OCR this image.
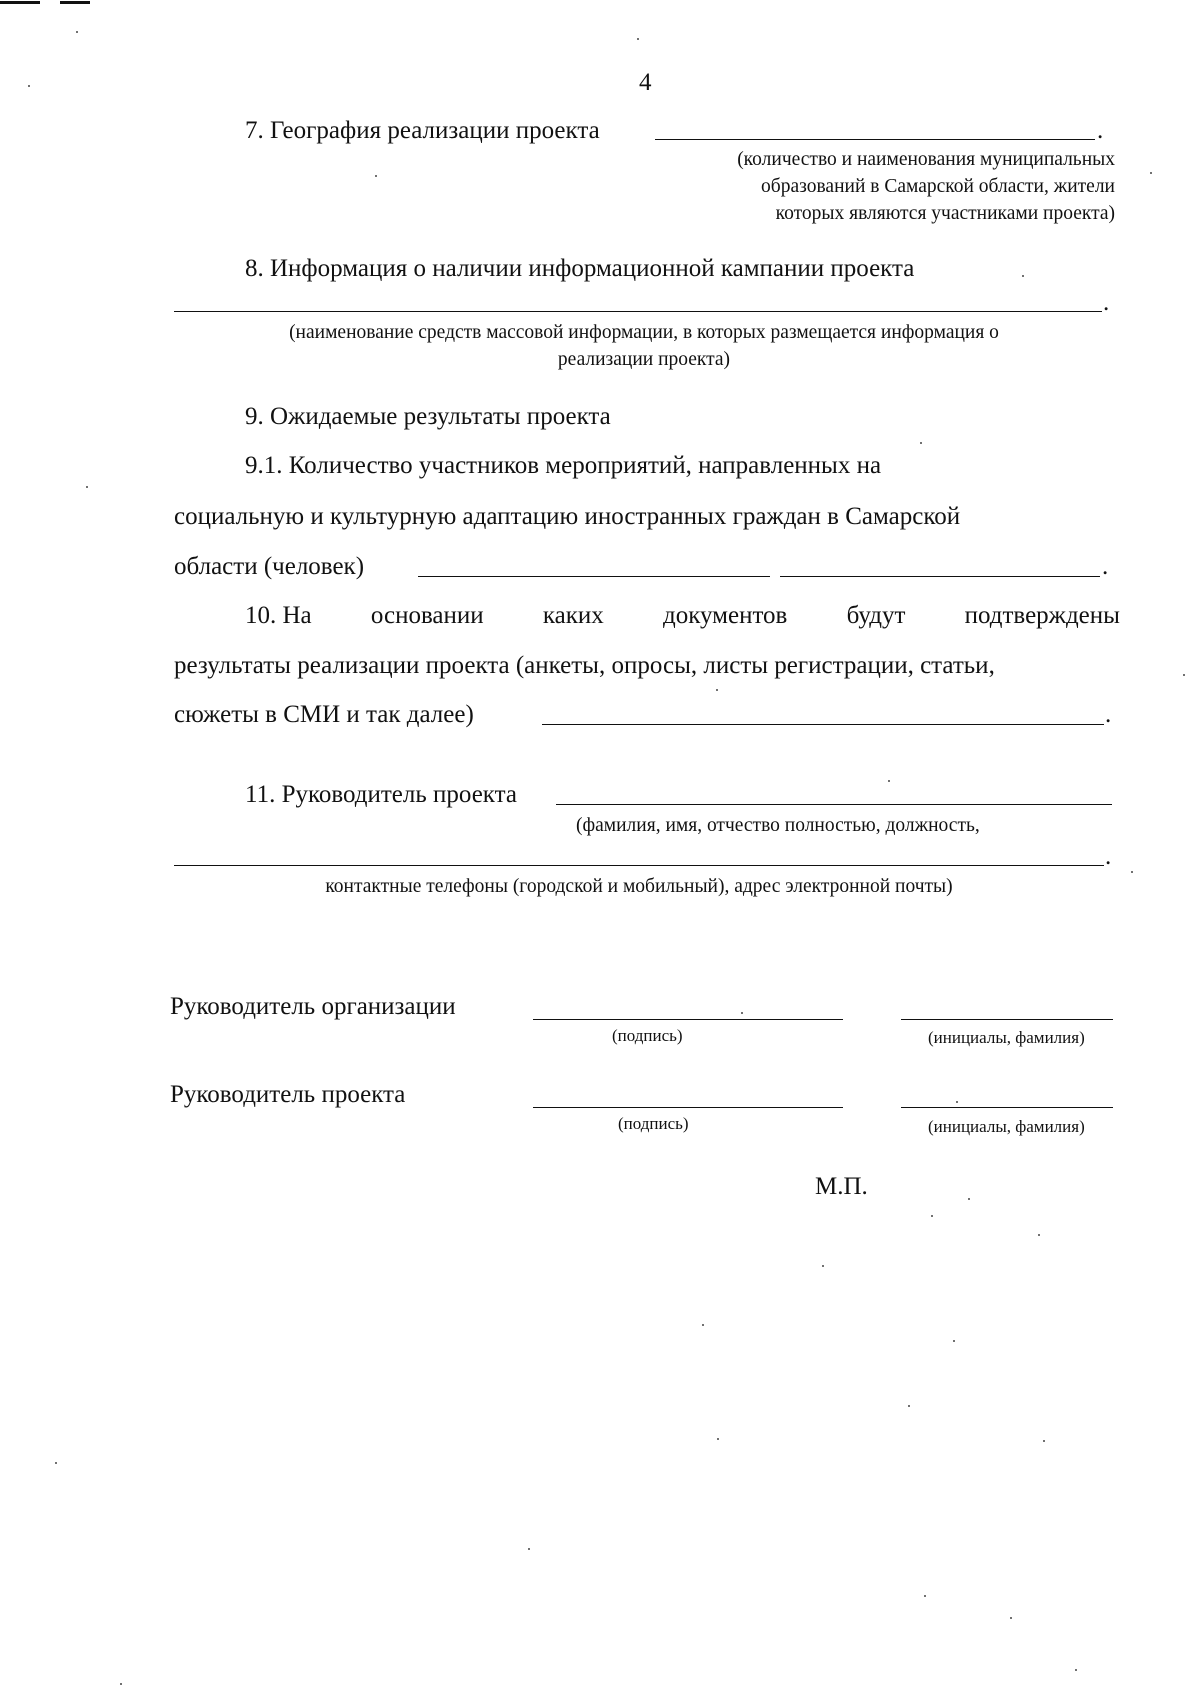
4
7. География реализации проекта	.
(количество и наименования муниципальных
образований в Самарской области, жители
которых являются участниками проекта)
8. Информация о наличии информационной кампании проекта
.
(наименование средств массовой информации, в которых размещается информация о
реализации проекта)
9. Ожидаемые результаты проекта
9.1. Количество участников мероприятий, направленных на
социальную и культурную адаптацию иностранных граждан в Самарской
области (человек)	.
10. На основании каких документов будут подтверждены
результаты реализации проекта (анкеты, опросы, листы регистрации, статьи,
сюжеты в СМИ и так далее)	.
11. Руководитель проекта
(фамилия, имя, отчество полностью, должность,
.
контактные телефоны (городской и мобильный), адрес электронной почты)
Руководитель организации
(подпись)	(инициалы, фамилия)
Руководитель проекта
(подпись)	(инициалы, фамилия)
М.П.
